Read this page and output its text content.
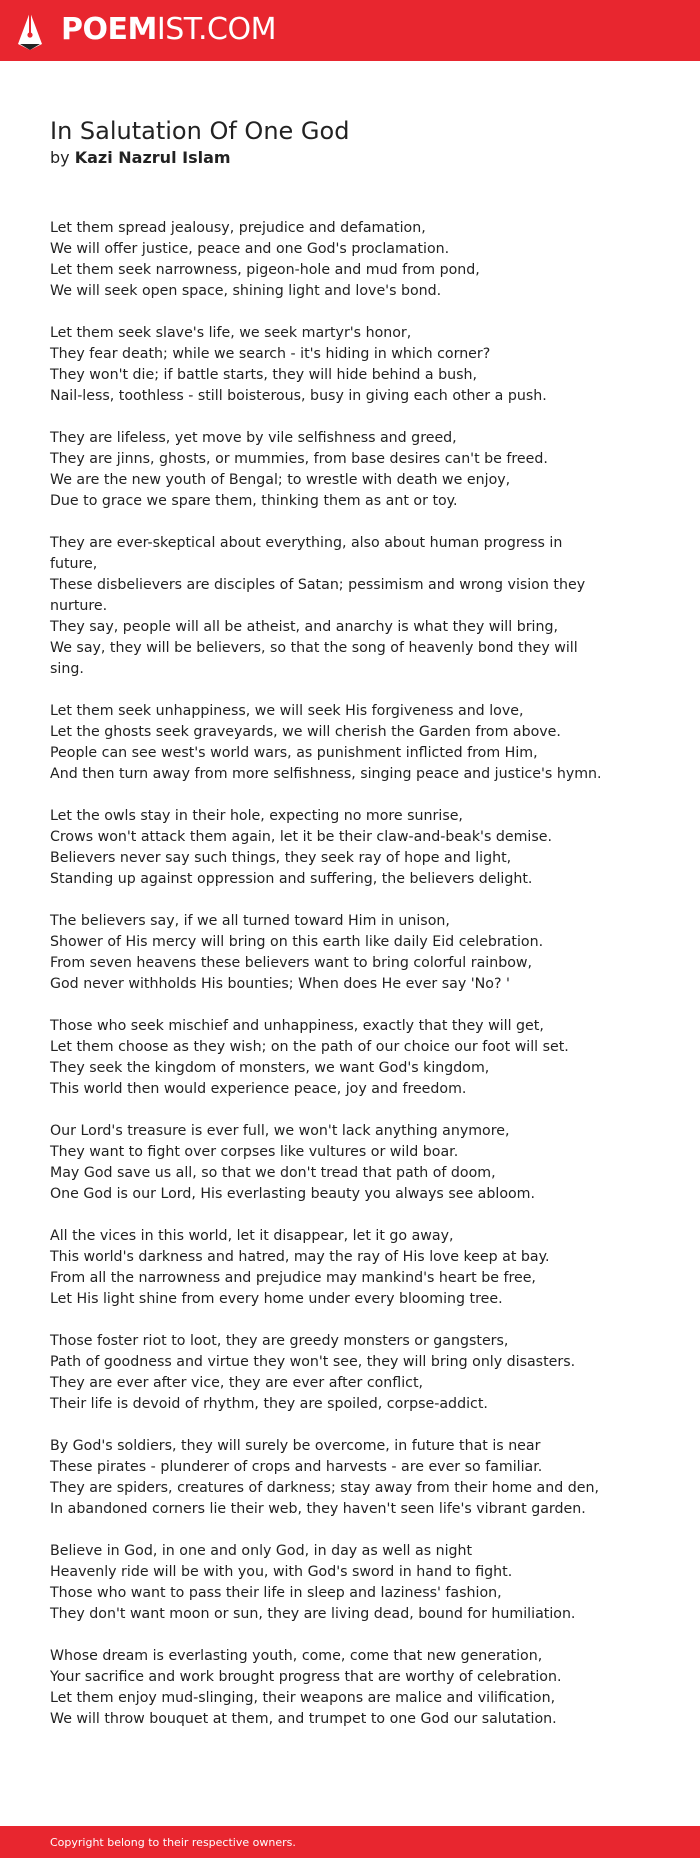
POEMIST.COM
In Salutation Of One God
by Kazi Nazrul Islam

Let them spread jealousy, prejudice and defamation,
We will offer justice, peace and one God's proclamation.
Let them seek narrowness, pigeon-hole and mud from pond,
We will seek open space, shining light and love's bond.

Let them seek slave's life, we seek martyr's honor,
They fear death; while we search - it's hiding in which corner?
They won't die; if battle starts, they will hide behind a bush,
Nail-less, toothless - still boisterous, busy in giving each other a push.

They are lifeless, yet move by vile selfishness and greed,
They are jinns, ghosts, or mummies, from base desires can't be freed.
We are the new youth of Bengal; to wrestle with death we enjoy,
Due to grace we spare them, thinking them as ant or toy.

They are ever-skeptical about everything, also about human progress in future,
These disbelievers are disciples of Satan; pessimism and wrong vision they nurture.
They say, people will all be atheist, and anarchy is what they will bring,
We say, they will be believers, so that the song of heavenly bond they will sing.

Let them seek unhappiness, we will seek His forgiveness and love,
Let the ghosts seek graveyards, we will cherish the Garden from above.
People can see west's world wars, as punishment inflicted from Him,
And then turn away from more selfishness, singing peace and justice's hymn.

Let the owls stay in their hole, expecting no more sunrise,
Crows won't attack them again, let it be their claw-and-beak's demise.
Believers never say such things, they seek ray of hope and light,
Standing up against oppression and suffering, the believers delight.

The believers say, if we all turned toward Him in unison,
Shower of His mercy will bring on this earth like daily Eid celebration.
From seven heavens these believers want to bring colorful rainbow,
God never withholds His bounties; When does He ever say 'No? '

Those who seek mischief and unhappiness, exactly that they will get,
Let them choose as they wish; on the path of our choice our foot will set.
They seek the kingdom of monsters, we want God's kingdom,
This world then would experience peace, joy and freedom.

Our Lord's treasure is ever full, we won't lack anything anymore,
They want to fight over corpses like vultures or wild boar.
May God save us all, so that we don't tread that path of doom,
One God is our Lord, His everlasting beauty you always see abloom.

All the vices in this world, let it disappear, let it go away,
This world's darkness and hatred, may the ray of His love keep at bay.
From all the narrowness and prejudice may mankind's heart be free,
Let His light shine from every home under every blooming tree.

Those foster riot to loot, they are greedy monsters or gangsters,
Path of goodness and virtue they won't see, they will bring only disasters.
They are ever after vice, they are ever after conflict,
Their life is devoid of rhythm, they are spoiled, corpse-addict.

By God's soldiers, they will surely be overcome, in future that is near
These pirates - plunderer of crops and harvests - are ever so familiar.
They are spiders, creatures of darkness; stay away from their home and den,
In abandoned corners lie their web, they haven't seen life's vibrant garden.

Believe in God, in one and only God, in day as well as night
Heavenly ride will be with you, with God's sword in hand to fight.
Those who want to pass their life in sleep and laziness' fashion,
They don't want moon or sun, they are living dead, bound for humiliation.

Whose dream is everlasting youth, come, come that new generation,
Your sacrifice and work brought progress that are worthy of celebration.
Let them enjoy mud-slinging, their weapons are malice and vilification,
We will throw bouquet at them, and trumpet to one God our salutation.

Copyright belong to their respective owners.
